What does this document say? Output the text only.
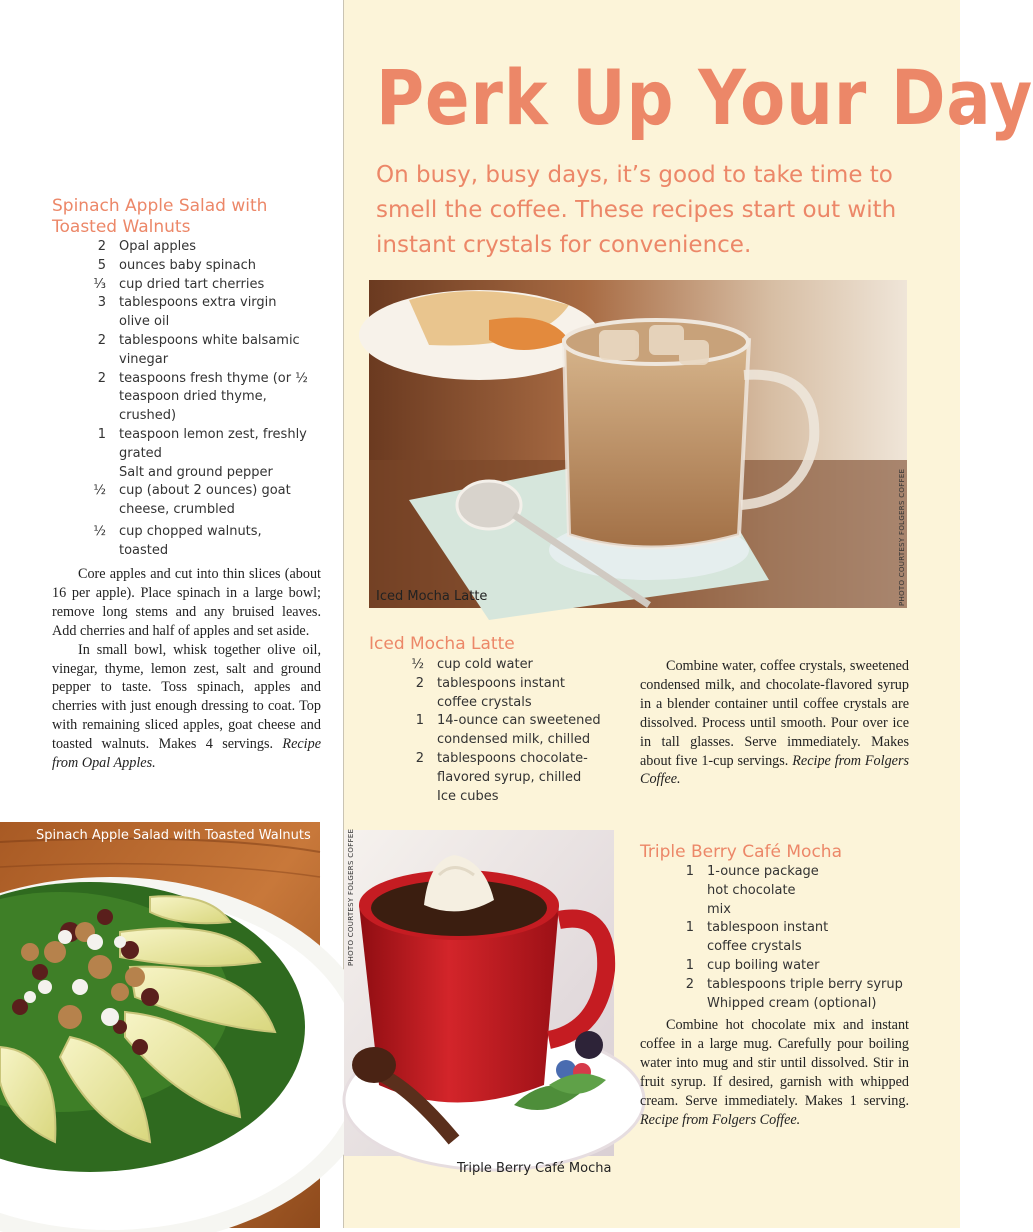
Perk Up Your Day

On busy, busy days, it’s good to take time to smell the coffee. These recipes start out with instant crystals for convenience.

Spinach Apple Salad with Toasted Walnuts
2	Opal apples
5	ounces baby spinach
⅓	cup dried tart cherries
3	tablespoons extra virgin olive oil
2	tablespoons white balsamic vinegar
2	teaspoons fresh thyme (or ½ teaspoon dried thyme, crushed)
1	teaspoon lemon zest, freshly grated
Salt and ground pepper
½	cup (about 2 ounces) goat cheese, crumbled
½	cup chopped walnuts, toasted

Core apples and cut into thin slices (about 16 per apple). Place spinach in a large bowl; remove long stems and any bruised leaves. Add cherries and half of apples and set aside.

In small bowl, whisk together olive oil, vinegar, thyme, lemon zest, salt and ground pepper to taste. Toss spinach, apples and cherries with just enough dressing to coat. Top with remaining sliced apples, goat cheese and toasted walnuts. Makes 4 servings. Recipe from Opal Apples.

Spinach Apple Salad with Toasted Walnuts

Iced Mocha Latte	PHOTO COURTESY FOLGERS COFFEE
Iced Mocha Latte
½	cup cold water
2	tablespoons instant coffee crystals
1	14-ounce can sweetened condensed milk, chilled
2	tablespoons chocolate-flavored syrup, chilled
Ice cubes

Combine water, coffee crystals, sweetened condensed milk, and chocolate-flavored syrup in a blender container until coffee crystals are dissolved. Process until smooth. Pour over ice in tall glasses. Serve immediately. Makes about five 1-cup servings. Recipe from Folgers Coffee.

PHOTO COURTESY FOLGERS COFFEE

Triple Berry Café Mocha

Triple Berry Café Mocha
1	1-ounce package hot chocolate mix
1	tablespoon instant coffee crystals
1	cup boiling water
2	tablespoons triple berry syrup
Whipped cream (optional)

Combine hot chocolate mix and instant coffee in a large mug. Carefully pour boiling water into mug and stir until dissolved. Stir in fruit syrup. If desired, garnish with whipped cream. Serve immediately. Makes 1 serving. Recipe from Folgers Coffee.
